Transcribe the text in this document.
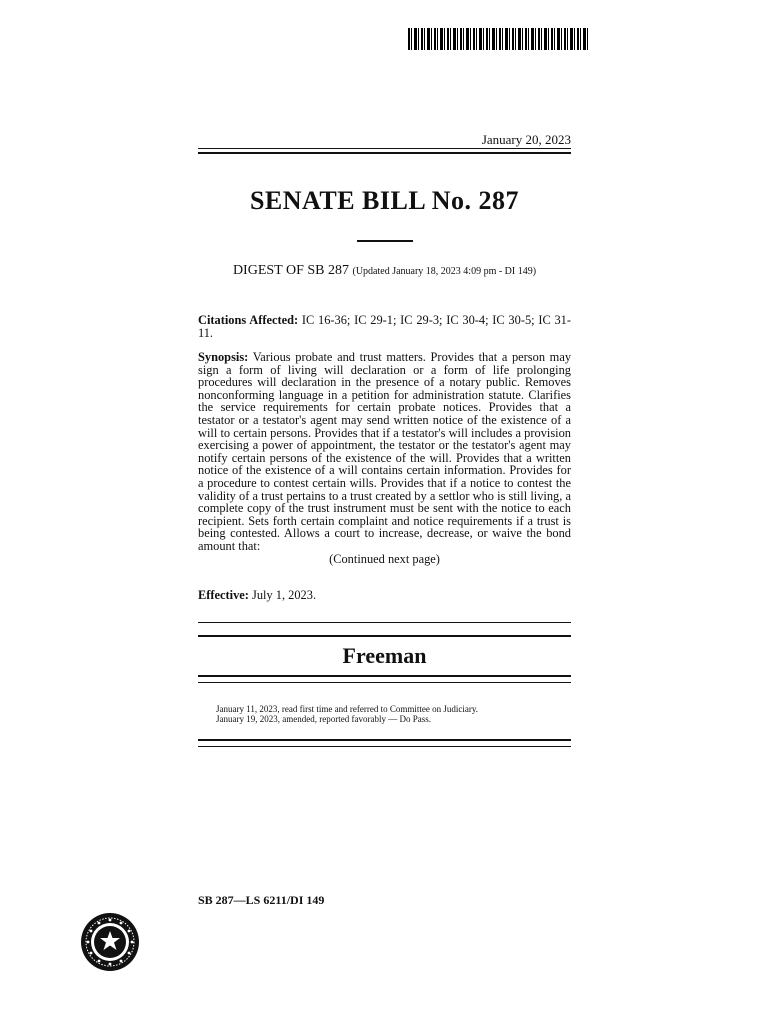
January 20, 2023
SENATE BILL No. 287
DIGEST OF SB 287 (Updated January 18, 2023 4:09 pm - DI 149)
Citations Affected: IC 16-36; IC 29-1; IC 29-3; IC 30-4; IC 30-5; IC 31-11.
Synopsis: Various probate and trust matters. Provides that a person may sign a form of living will declaration or a form of life prolonging procedures will declaration in the presence of a notary public. Removes nonconforming language in a petition for administration statute. Clarifies the service requirements for certain probate notices. Provides that a testator or a testator's agent may send written notice of the existence of a will to certain persons. Provides that if a testator's will includes a provision exercising a power of appointment, the testator or the testator's agent may notify certain persons of the existence of the will. Provides that a written notice of the existence of a will contains certain information. Provides for a procedure to contest certain wills. Provides that if a notice to contest the validity of a trust pertains to a trust created by a settlor who is still living, a complete copy of the trust instrument must be sent with the notice to each recipient. Sets forth certain complaint and notice requirements if a trust is being contested. Allows a court to increase, decrease, or waive the bond amount that:
(Continued next page)
Effective: July 1, 2023.
Freeman
January 11, 2023, read first time and referred to Committee on Judiciary.
January 19, 2023, amended, reported favorably — Do Pass.
SB 287—LS 6211/DI 149
